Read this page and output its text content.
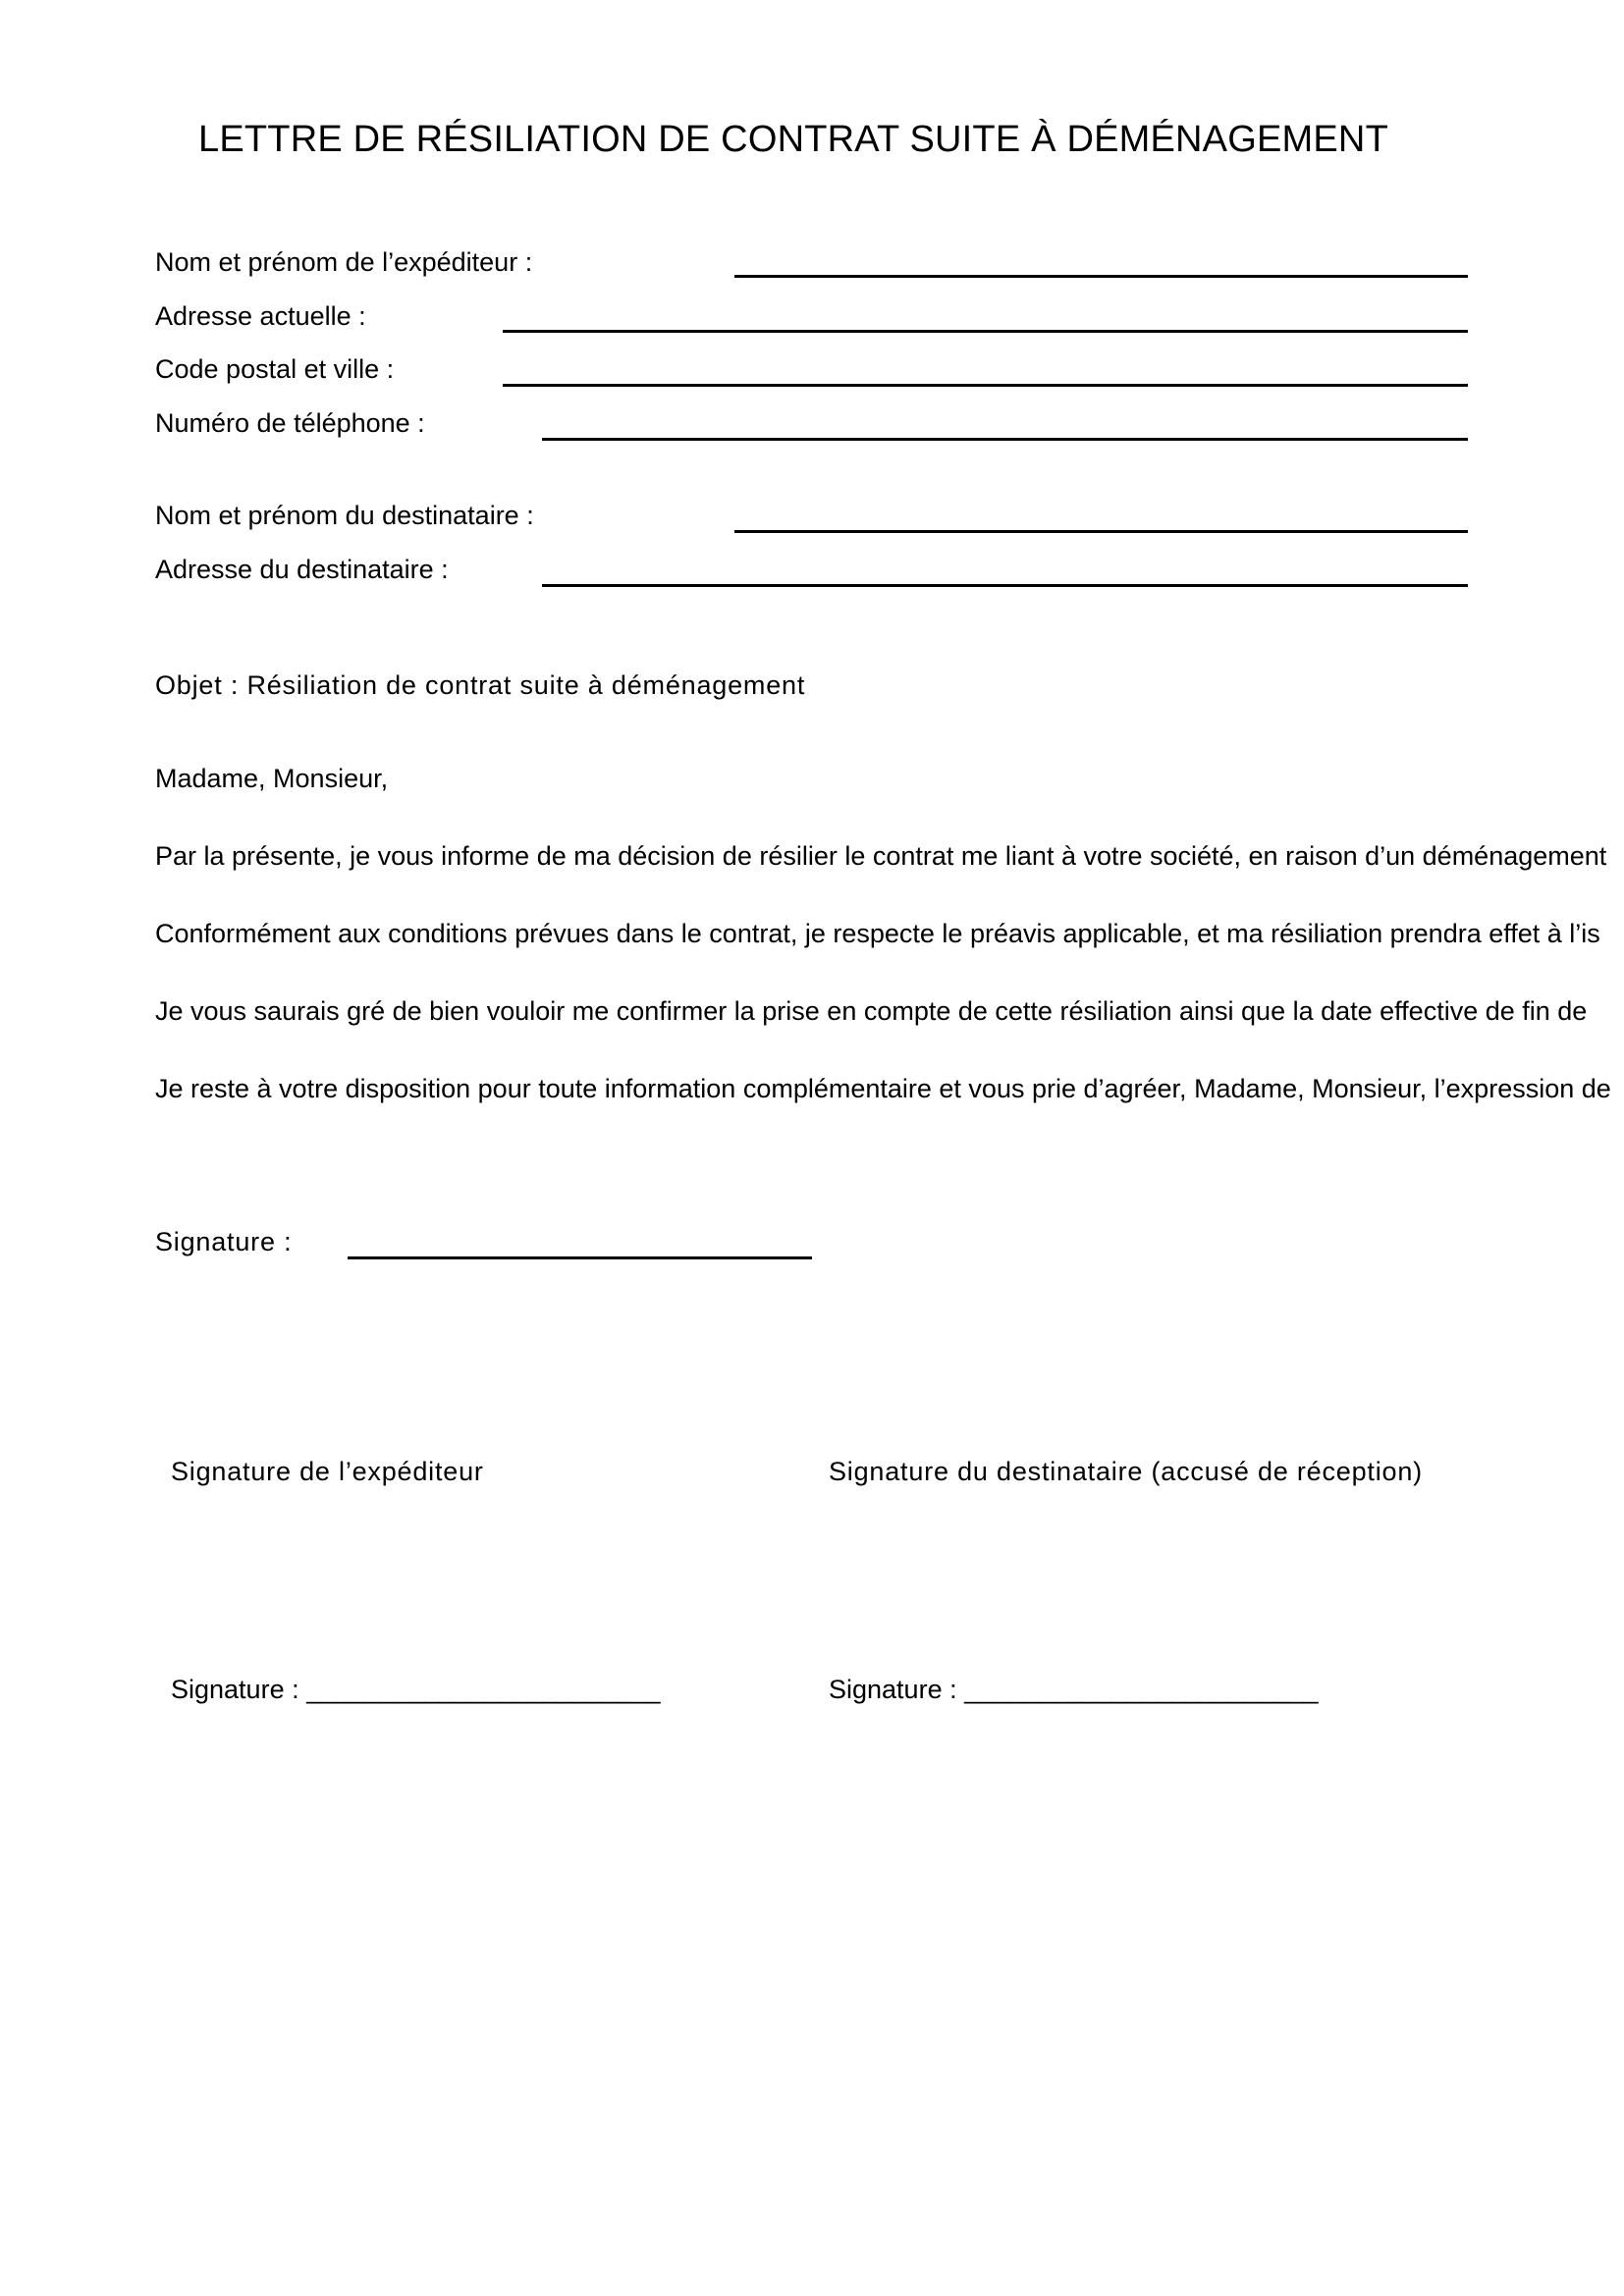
LETTRE DE RÉSILIATION DE CONTRAT SUITE À DÉMÉNAGEMENT
Nom et prénom de l’expéditeur :
Adresse actuelle :
Code postal et ville :
Numéro de téléphone :
Nom et prénom du destinataire :
Adresse du destinataire :
Objet : Résiliation de contrat suite à déménagement
Madame, Monsieur,
Par la présente, je vous informe de ma décision de résilier le contrat me liant à votre société, en raison d’un déménagement
Conformément aux conditions prévues dans le contrat, je respecte le préavis applicable, et ma résiliation prendra effet à l’is
Je vous saurais gré de bien vouloir me confirmer la prise en compte de cette résiliation ainsi que la date effective de fin de
Je reste à votre disposition pour toute information complémentaire et vous prie d’agréer, Madame, Monsieur, l’expression de
Signature :
Signature de l’expéditeur	Signature du destinataire (accusé de réception)
Signature : ________________________	Signature : ________________________
